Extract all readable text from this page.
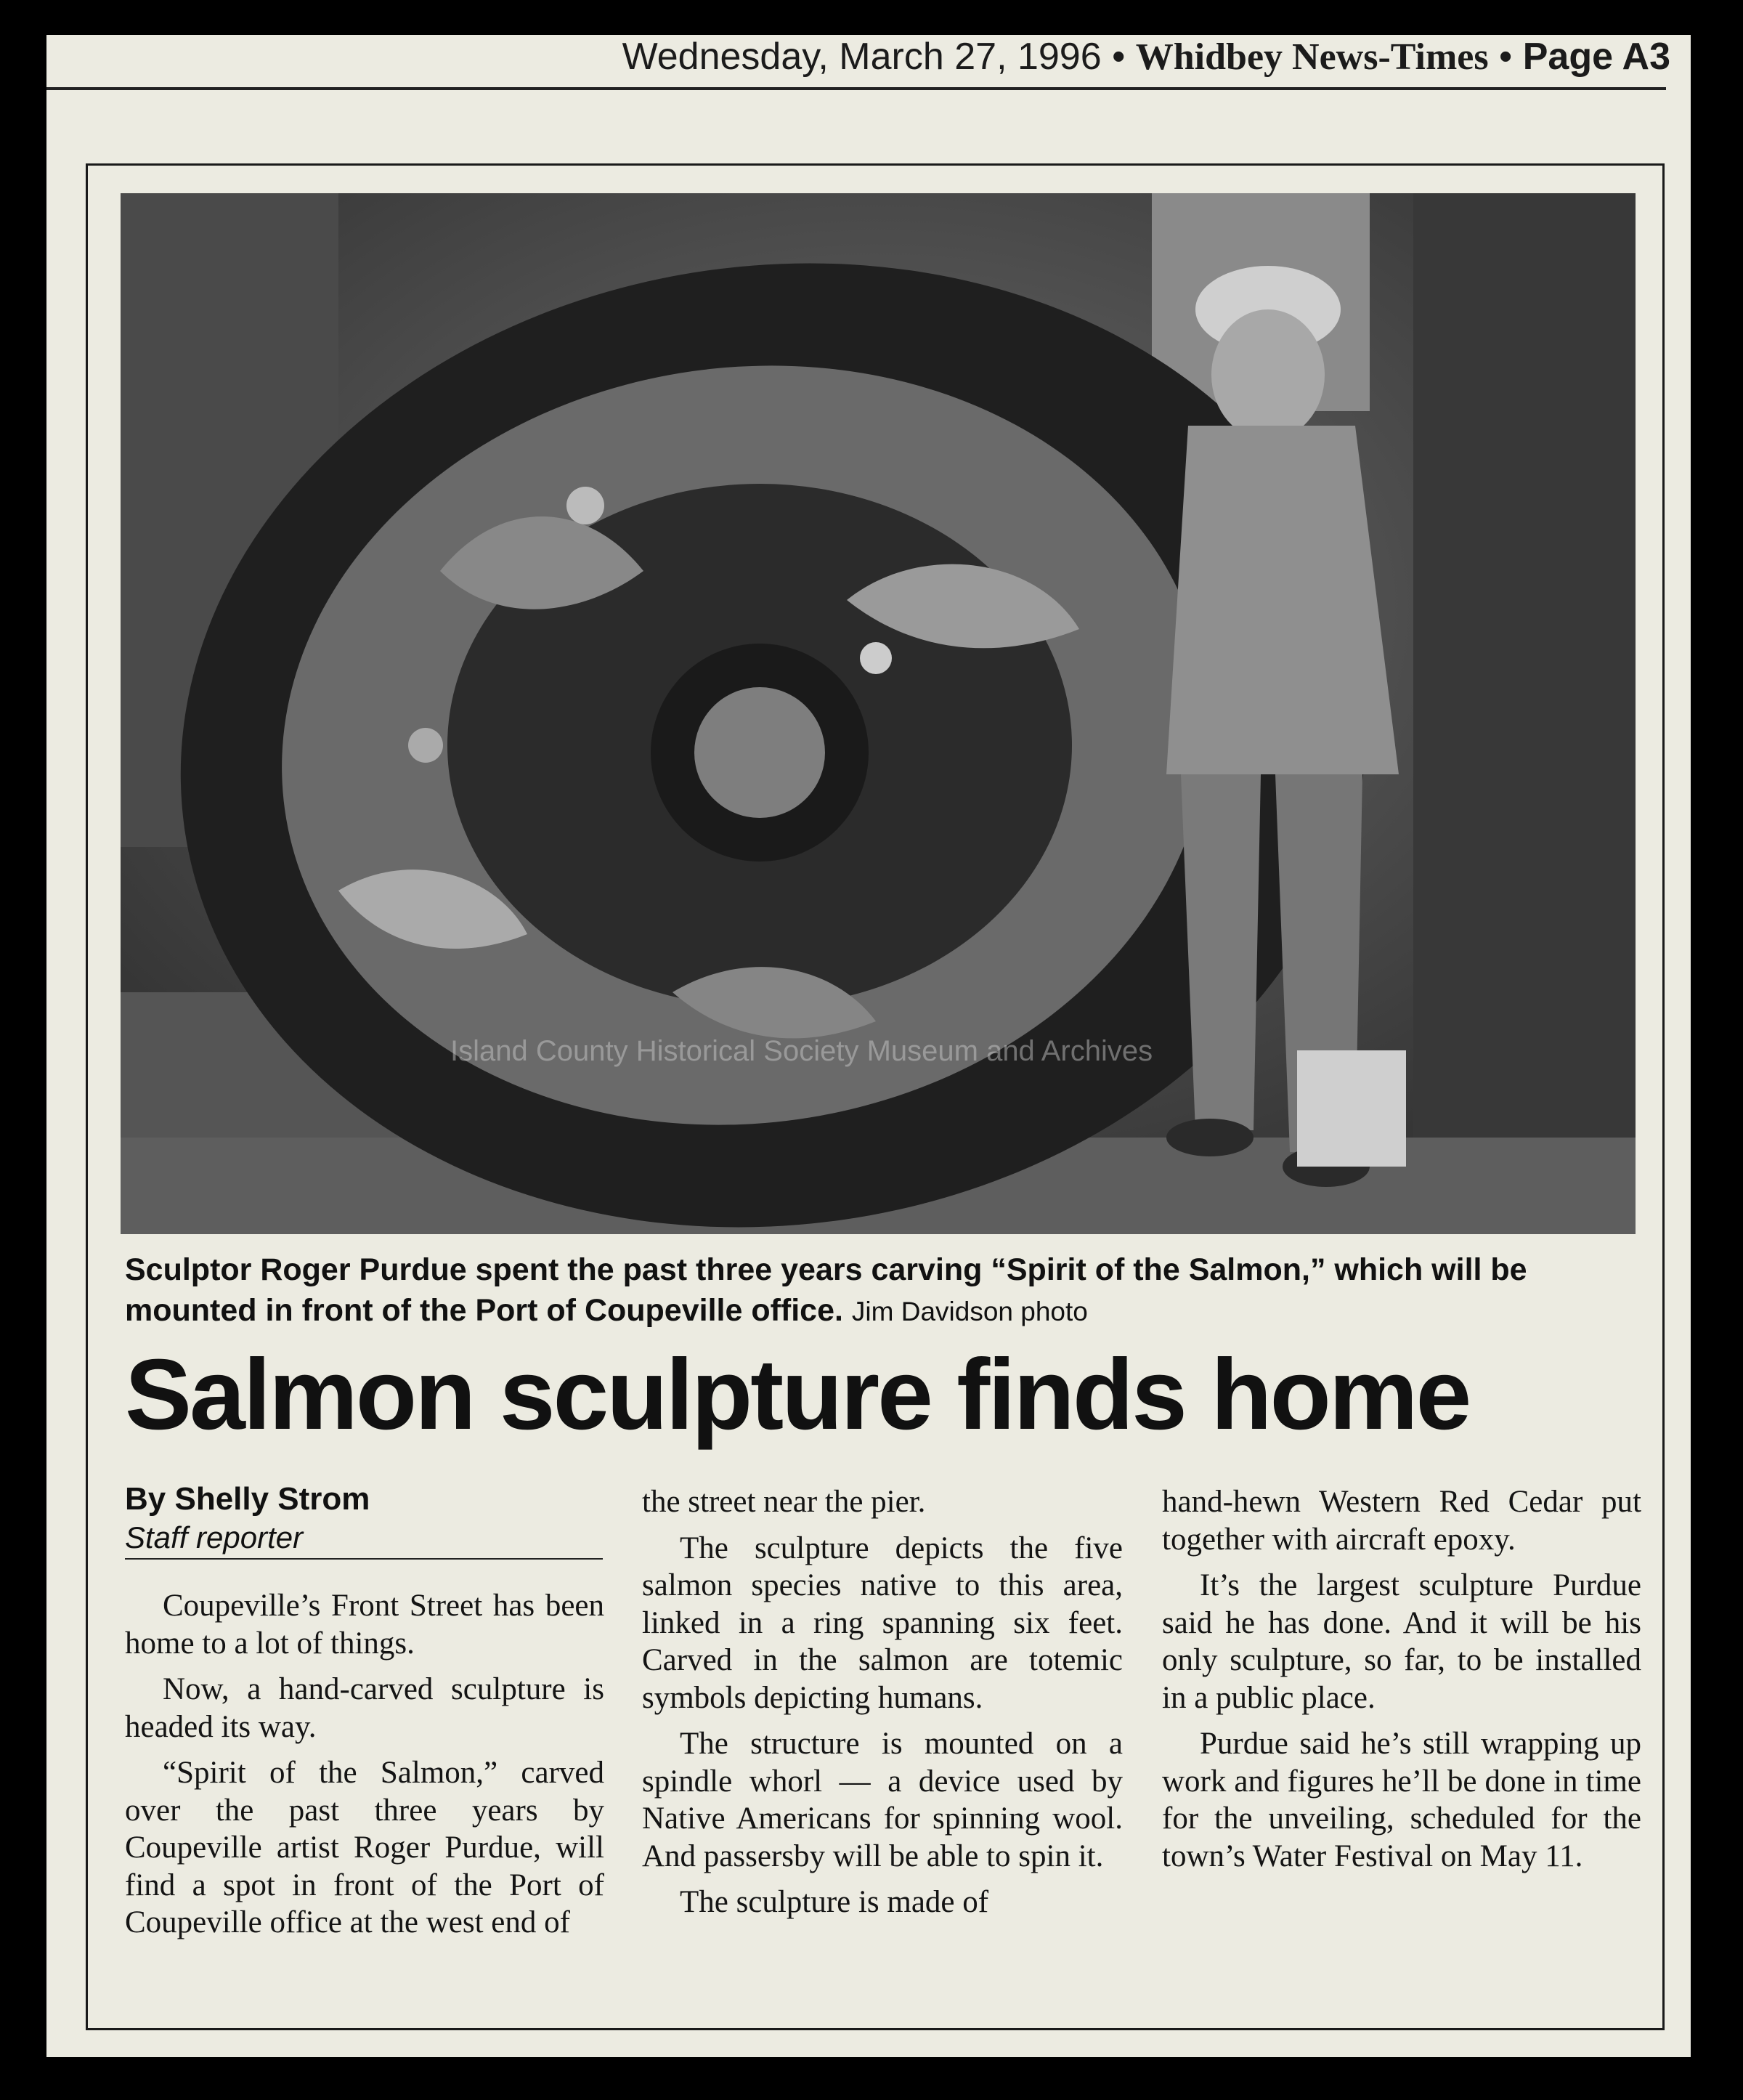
Wednesday, March 27, 1996 • Whidbey News-Times • Page A3
Island County Historical Society Museum and Archives
Sculptor Roger Purdue spent the past three years carving “Spirit of the Salmon,” which will be mounted in front of the Port of Coupeville office. Jim Davidson photo
Salmon sculpture finds home
By Shelly Strom
Staff reporter

Coupeville’s Front Street has been home to a lot of things.

Now, a hand-carved sculpture is headed its way.

“Spirit of the Salmon,” carved over the past three years by Coupeville artist Roger Purdue, will find a spot in front of the Port of Coupeville office at the west end of

the street near the pier.

The sculpture depicts the five salmon species native to this area, linked in a ring spanning six feet. Carved in the salmon are totemic symbols depicting humans.

The structure is mounted on a spindle whorl — a device used by Native Americans for spinning wool. And passersby will be able to spin it.

The sculpture is made of

hand-hewn Western Red Cedar put together with aircraft epoxy.

It’s the largest sculpture Purdue said he has done. And it will be his only sculpture, so far, to be installed in a public place.

Purdue said he’s still wrapping up work and figures he’ll be done in time for the unveiling, scheduled for the town’s Water Festival on May 11.
